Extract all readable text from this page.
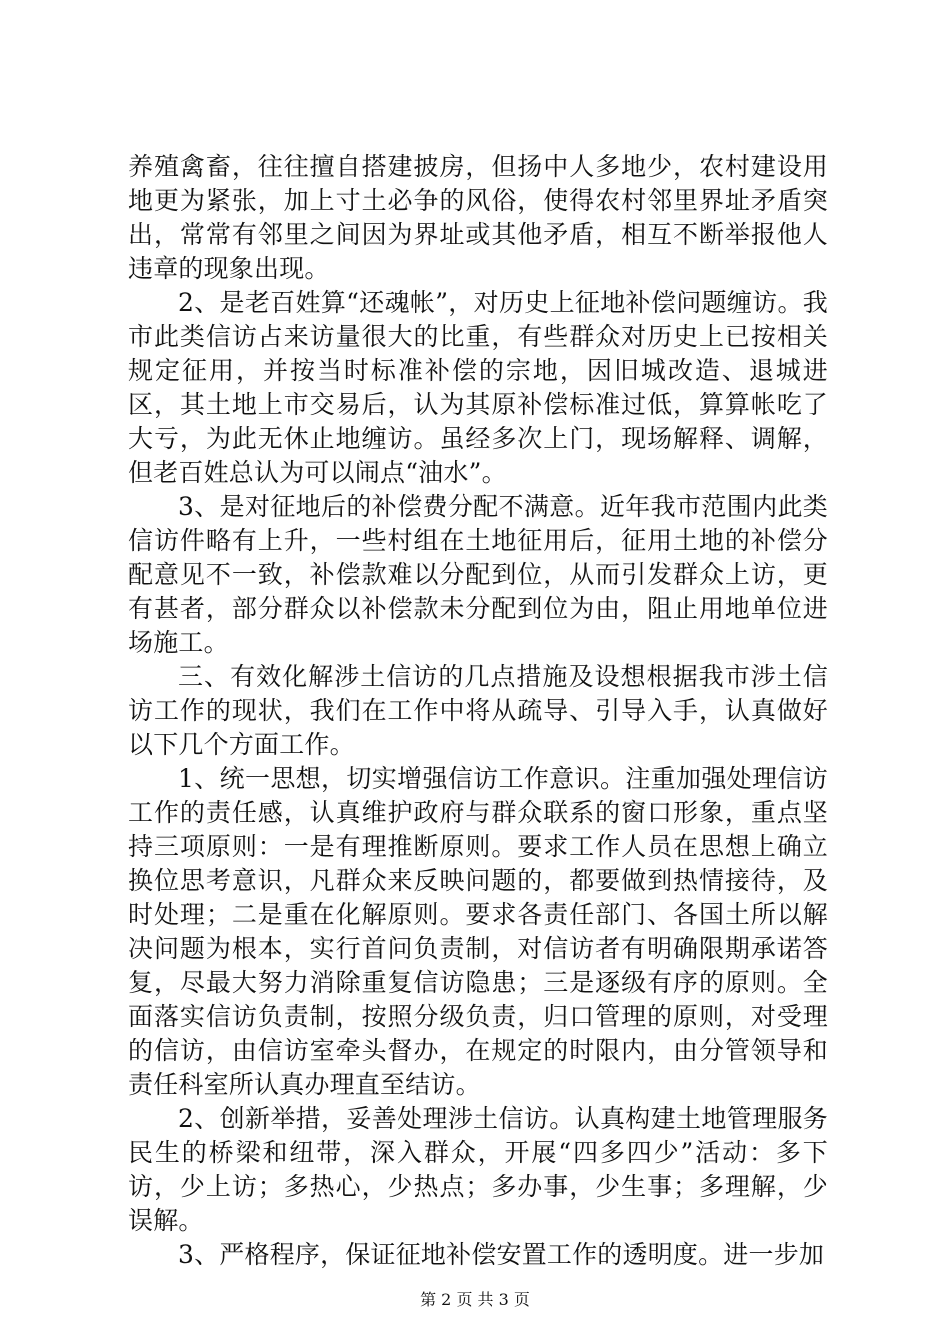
养殖禽畜，往往擅自搭建披房，但扬中人多地少，农村建设用地更为紧张，加上寸土必争的风俗，使得农村邻里界址矛盾突出，常常有邻里之间因为界址或其他矛盾，相互不断举报他人违章的现象出现。

2、是老百姓算“还魂帐”，对历史上征地补偿问题缠访。我市此类信访占来访量很大的比重，有些群众对历史上已按相关规定征用，并按当时标准补偿的宗地，因旧城改造、退城进区，其土地上市交易后，认为其原补偿标准过低，算算帐吃了大亏，为此无休止地缠访。虽经多次上门，现场解释、调解，但老百姓总认为可以闹点“油水”。

3、是对征地后的补偿费分配不满意。近年我市范围内此类信访件略有上升，一些村组在土地征用后，征用土地的补偿分配意见不一致，补偿款难以分配到位，从而引发群众上访，更有甚者，部分群众以补偿款未分配到位为由，阻止用地单位进场施工。

三、有效化解涉土信访的几点措施及设想根据我市涉土信访工作的现状，我们在工作中将从疏导、引导入手，认真做好以下几个方面工作。

1、统一思想，切实增强信访工作意识。注重加强处理信访工作的责任感，认真维护政府与群众联系的窗口形象，重点坚持三项原则：一是有理推断原则。要求工作人员在思想上确立换位思考意识，凡群众来反映问题的，都要做到热情接待，及时处理；二是重在化解原则。要求各责任部门、各国土所以解决问题为根本，实行首问负责制，对信访者有明确限期承诺答复，尽最大努力消除重复信访隐患；三是逐级有序的原则。全面落实信访负责制，按照分级负责，归口管理的原则，对受理的信访，由信访室牵头督办，在规定的时限内，由分管领导和责任科室所认真办理直至结访。

2、创新举措，妥善处理涉土信访。认真构建土地管理服务民生的桥梁和纽带，深入群众，开展“四多四少”活动：多下访，少上访；多热心，少热点；多办事，少生事；多理解，少误解。

3、严格程序，保证征地补偿安置工作的透明度。进一步加

第 2 页 共 3 页
